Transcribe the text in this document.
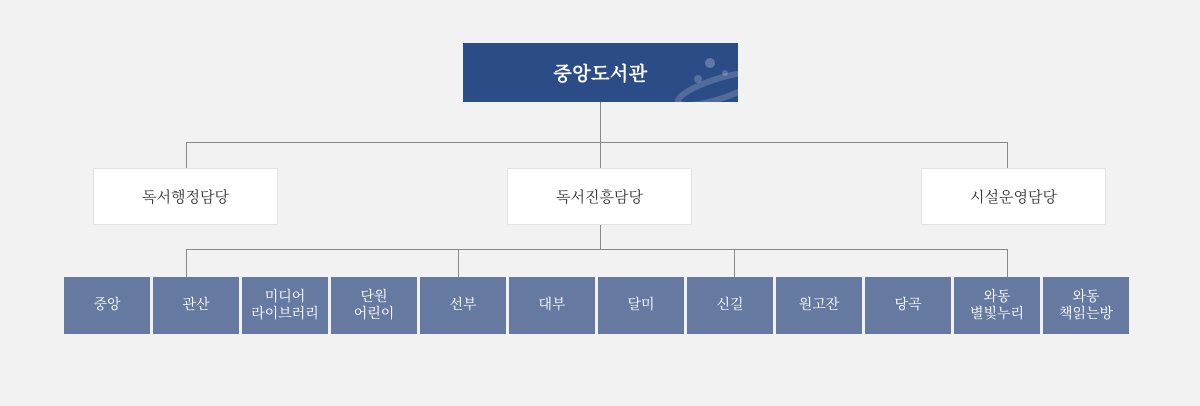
중앙도서관
독서행정담당	독서진흥담당	시설운영담당
중앙	관산
미디어
라이브러리
단원
어린이
선부	대부	달미	신길	원고잔	당곡
와동
별빛누리
와동
책읽는방
